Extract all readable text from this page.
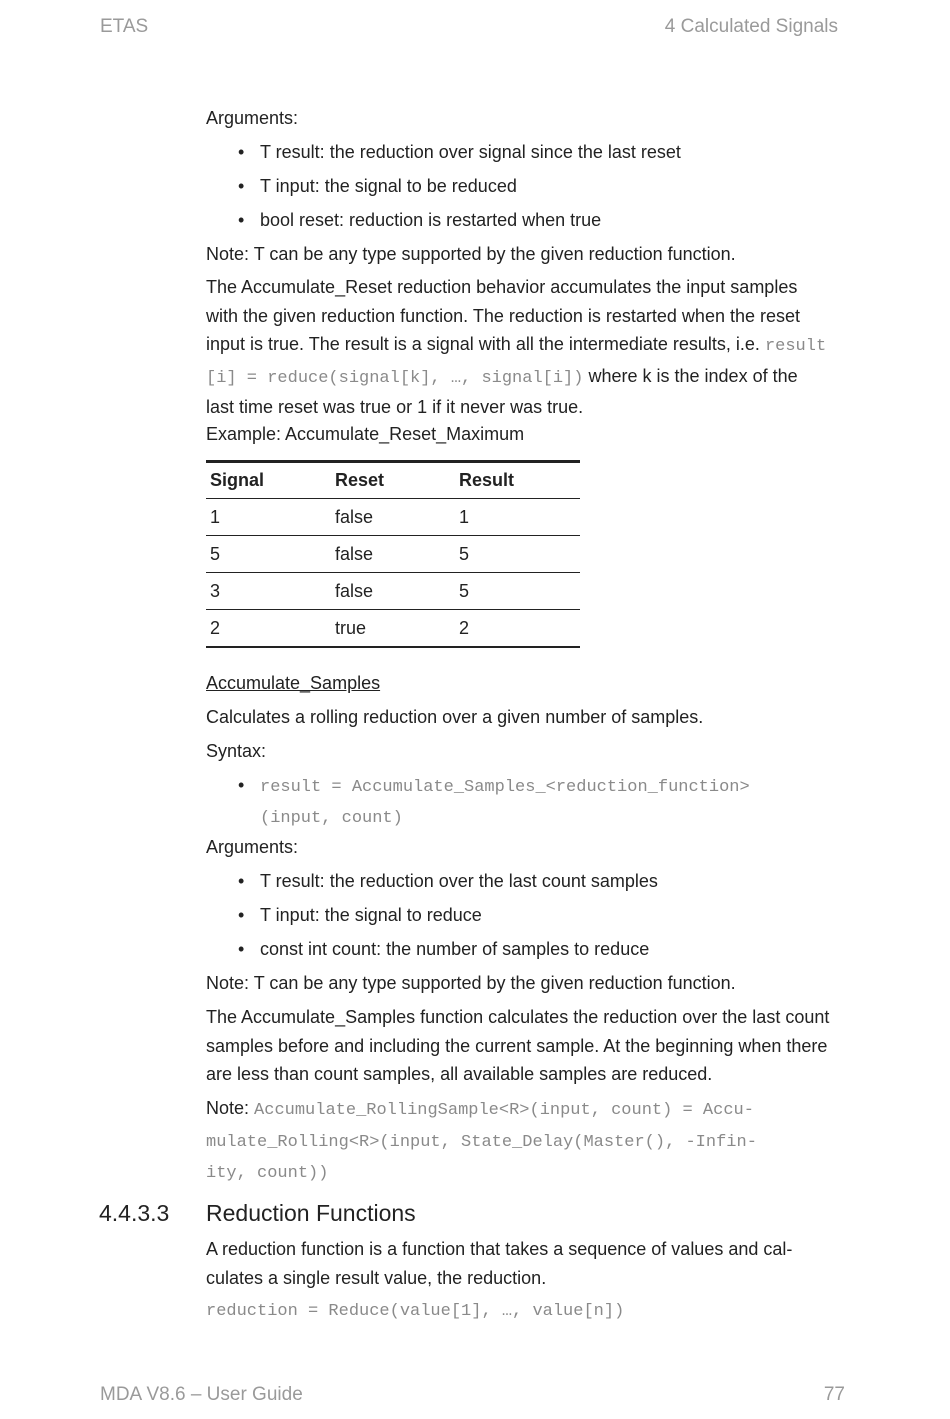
ETAS	4 Calculated Signals
Arguments:
• T result: the reduction over signal since the last reset
• T input: the signal to be reduced
• bool reset: reduction is restarted when true
Note: T can be any type supported by the given reduction function.
The Accumulate_Reset reduction behavior accumulates the input samples
with the given reduction function. The reduction is restarted when the reset
input is true. The result is a signal with all the intermediate results, i.e. result
[i] = reduce(signal[k], …, signal[i]) where k is the index of the
last time reset was true or 1 if it never was true.
Example: Accumulate_Reset_Maximum
Signal	Reset	Result
1	false	1
5	false	5
3	false	5
2	true	2
Accumulate_Samples
Calculates a rolling reduction over a given number of samples.
Syntax:
• result = Accumulate_Samples_<reduction_function>
(input, count)
Arguments:
• T result: the reduction over the last count samples
• T input: the signal to reduce
• const int count: the number of samples to reduce
Note: T can be any type supported by the given reduction function.
The Accumulate_Samples function calculates the reduction over the last count
samples before and including the current sample. At the beginning when there
are less than count samples, all available samples are reduced.
Note: Accumulate_RollingSample<R>(input, count) = Accu-
mulate_Rolling<R>(input, State_Delay(Master(), -Infin-
ity, count))
4.4.3.3 Reduction Functions
A reduction function is a function that takes a sequence of values and cal-
culates a single result value, the reduction.
reduction = Reduce(value[1], …, value[n])
MDA V8.6 – User Guide	77
